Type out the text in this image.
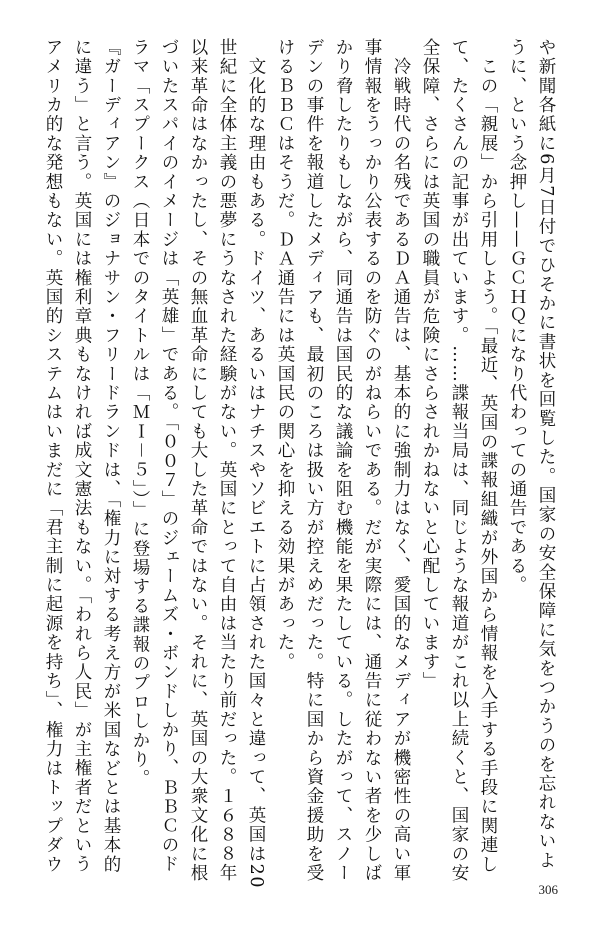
や新聞各紙に6月7日付でひそかに書状を回覧した。国家の安全保障に気をつかうのを忘れないよ

うに、という念押し——ＧＣＨＱになり代わっての通告である。

　この「親展」から引用しよう。「最近、英国の諜報組織が外国から情報を入手する手段に関連し

て、たくさんの記事が出ています。……諜報当局は、同じような報道がこれ以上続くと、国家の安

全保障、さらには英国の職員が危険にさらされかねないと心配しています」

　冷戦時代の名残であるＤＡ通告は、基本的に強制力はなく、愛国的なメディアが機密性の高い軍

事情報をうっかり公表するのを防ぐのがねらいである。だが実際には、通告に従わない者を少しば

かり脅したりもしながら、同通告は国民的な議論を阻む機能を果たしている。したがって、スノー

デンの事件を報道したメディアも、最初のころは扱い方が控えめだった。特に国から資金援助を受

けるＢＢＣはそうだ。ＤＡ通告には英国民の関心を抑える効果があった。

　文化的な理由もある。ドイツ、あるいはナチスやソビエトに占領された国々と違って、英国は20

世紀に全体主義の悪夢にうなされた経験がない。英国にとって自由は当たり前だった。１６８８年

以来革命はなかったし、その無血革命にしても大した革命ではない。それに、英国の大衆文化に根

づいたスパイのイメージは「英雄」である。「００７」のジェームズ・ボンドしかり、ＢＢＣのド

ラマ「スプークス（日本でのタイトルは「ＭＩ－５」）」に登場する諜報のプロしかり。

『ガーディアン』のジョナサン・フリードランドは、「権力に対する考え方が米国などとは基本的

に違う」と言う。英国には権利章典もなければ成文憲法もない。「われら人民」が主権者だという

アメリカ的な発想もない。英国的システムはいまだに「君主制に起源を持ち」、権力はトップダウ

306
